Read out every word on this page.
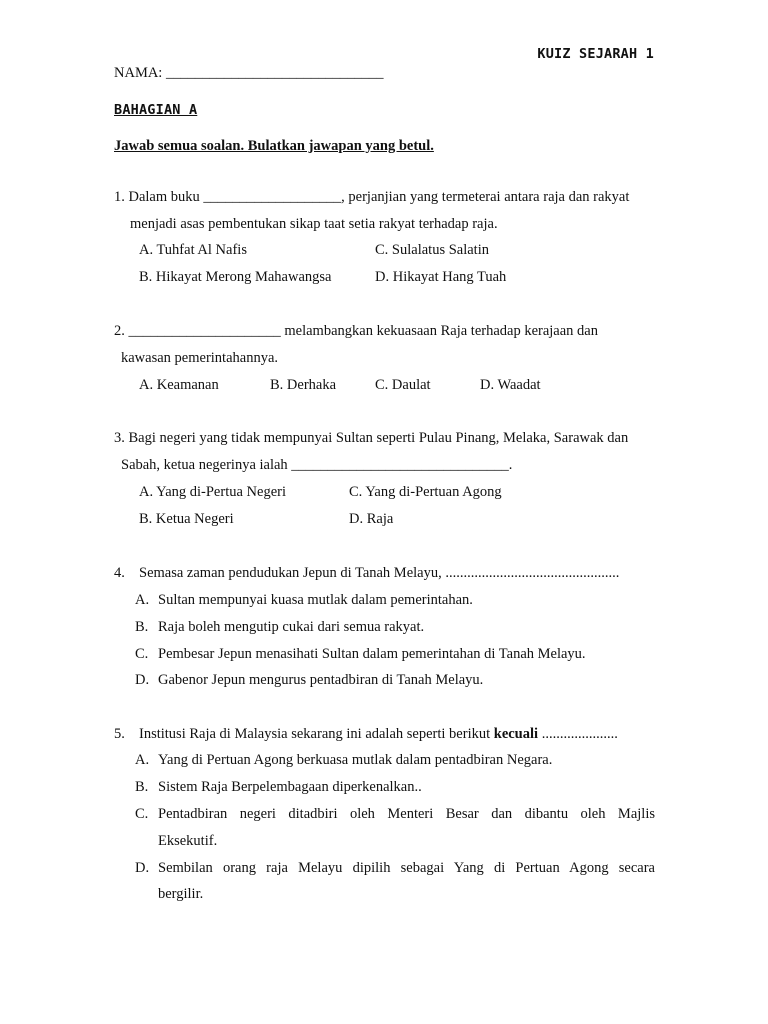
KUIZ SEJARAH 1
NAMA: ______________________________
BAHAGIAN A
Jawab semua soalan. Bulatkan jawapan yang betul.
1. Dalam buku ___________________, perjanjian yang termeterai antara raja dan rakyat
menjadi asas pembentukan sikap taat setia rakyat terhadap raja.
A. Tuhfat Al Nafis	C. Sulalatus Salatin
B. Hikayat Merong Mahawangsa	D. Hikayat Hang Tuah
2. _____________________ melambangkan kekuasaan Raja terhadap kerajaan dan
kawasan pemerintahannya.
A. Keamanan	B. Derhaka	C. Daulat	D. Waadat
3. Bagi negeri yang tidak mempunyai Sultan seperti Pulau Pinang, Melaka, Sarawak dan
Sabah, ketua negerinya ialah ______________________________.
A. Yang di-Pertua Negeri	C. Yang di-Pertuan Agong
B. Ketua Negeri	D. Raja
4. Semasa zaman pendudukan Jepun di Tanah Melayu, ................................................
A. Sultan mempunyai kuasa mutlak dalam pemerintahan.
B. Raja boleh mengutip cukai dari semua rakyat.
C. Pembesar Jepun menasihati Sultan dalam pemerintahan di Tanah Melayu.
D. Gabenor Jepun mengurus pentadbiran di Tanah Melayu.
5. Institusi Raja di Malaysia sekarang ini adalah seperti berikut kecuali .....................
A. Yang di Pertuan Agong berkuasa mutlak dalam pentadbiran Negara.
B. Sistem Raja Berpelembagaan diperkenalkan..
C. Pentadbiran negeri ditadbiri oleh Menteri Besar dan dibantu oleh Majlis
Eksekutif.
D. Sembilan orang raja Melayu dipilih sebagai Yang di Pertuan Agong secara
bergilir.
